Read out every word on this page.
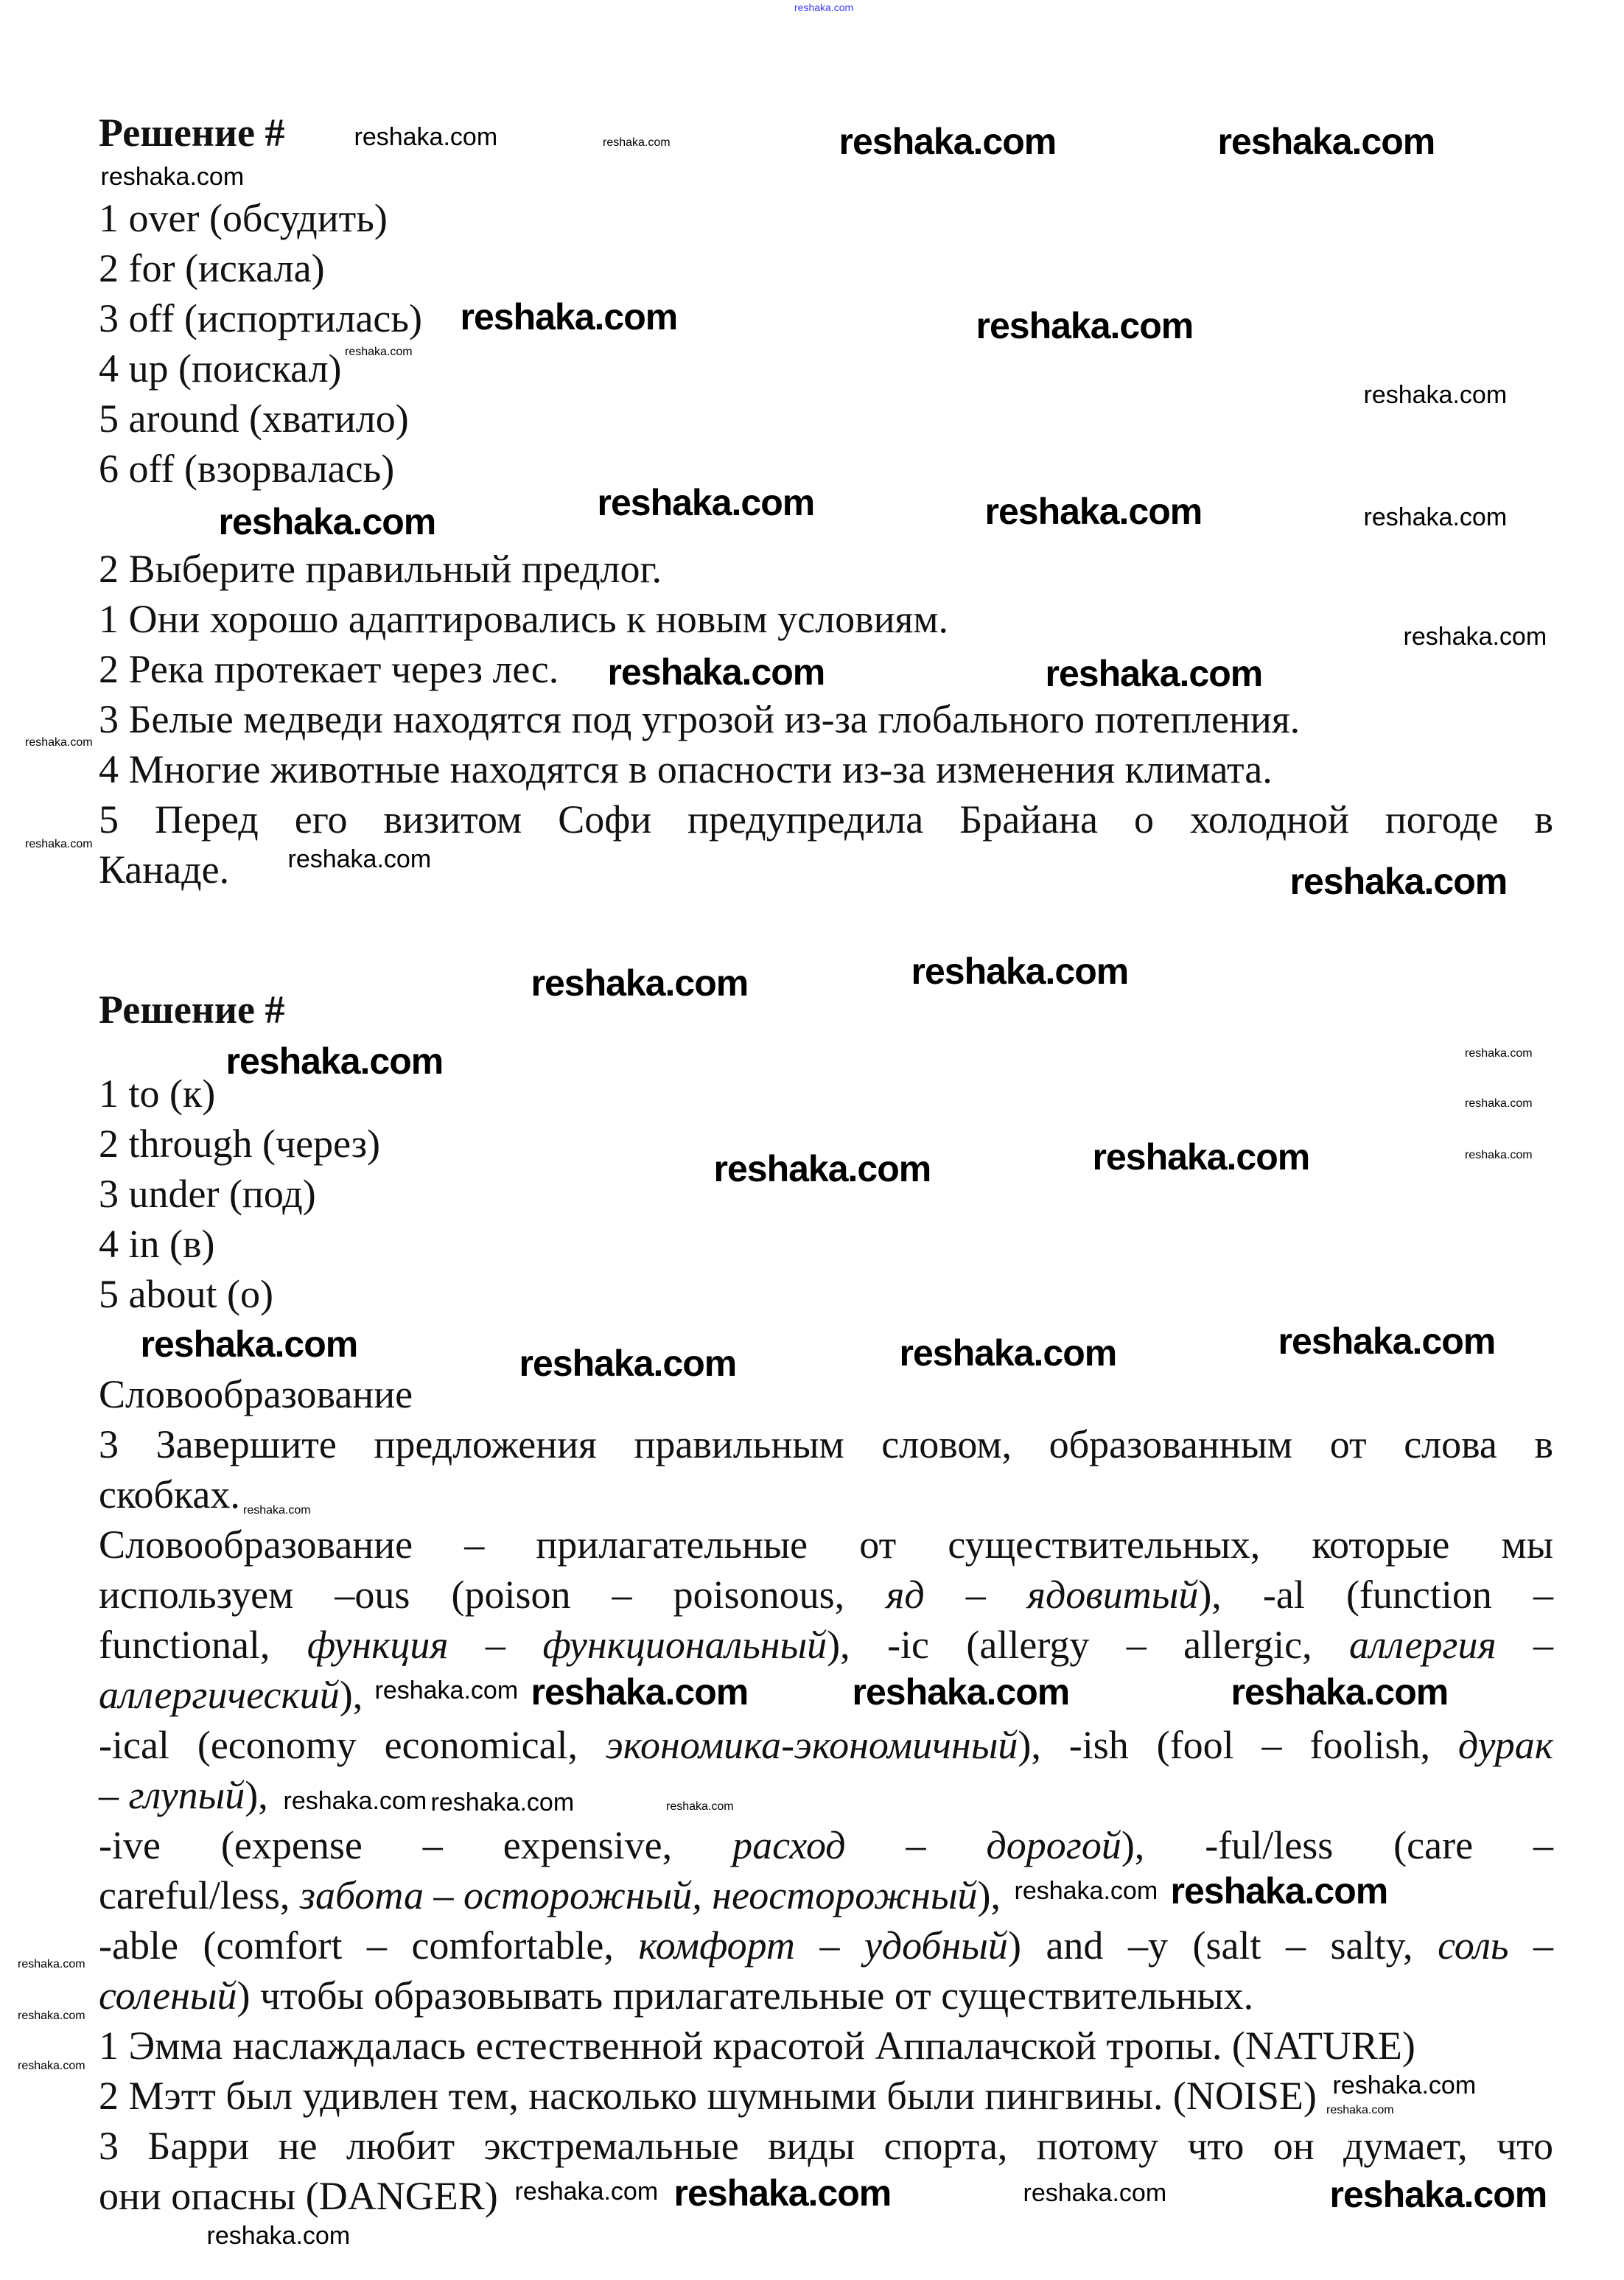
Решение #
1 over (обсудить)
2 for (искала)
3 off (испортилась)
4 up (поискал)
5 around (хватило)
6 off (взорвалась)
2 Выберите правильный предлог.
1 Они хорошо адаптировались к новым условиям.
2 Река протекает через лес.
3 Белые медведи находятся под угрозой из-за глобального потепления.
4 Многие животные находятся в опасности из-за изменения климата.
5 Перед его визитом Софи предупредила Брайана о холодной погоде в
Канаде.
Решение #
1 to (к)
2 through (через)
3 under (под)
4 in (в)
5 about (о)
Словообразование
3 Завершите предложения правильным словом, образованным от слова в
скобках.
1 Эмма наслаждалась естественной красотой Аппалачской тропы. (NATURE)
2 Мэтт был удивлен тем, насколько шумными были пингвины. (NOISE)
3 Барри не любит экстремальные виды спорта, потому что он думает, что
они опасны (DANGER)
Словообразование – прилагательные от существительных, которые мы
используем –ous (poison – poisonous, яд – ядовитый), -al (function –
functional, функция – функциональный), -ic (allergy – allergic, аллергия –
аллергический),
-ical (economy economical, экономика-экономичный), -ish (fool – foolish, дурак
– глупый),
-ive (expense – expensive, расход – дорогой), -ful/less (care –
careful/less, забота – осторожный, неосторожный),
-able (comfort – comfortable, комфорт – удобный) and –y (salt – salty, соль –
соленый) чтобы образовывать прилагательные от существительных.
reshaka.com
reshaka.com	reshaka.com	reshaka.com	reshaka.com
reshaka.com
reshaka.com	reshaka.com
reshaka.com
reshaka.com
reshaka.com	reshaka.com	reshaka.com
reshaka.com
reshaka.com
reshaka.com	reshaka.com
reshaka.com
reshaka.com
reshaka.com
reshaka.com
reshaka.com	reshaka.com
reshaka.com	reshaka.com
reshaka.com
reshaka.com
reshaka.com	reshaka.com
reshaka.com	reshaka.com	reshaka.com	reshaka.com
reshaka.com
reshaka.com reshaka.com	reshaka.com	reshaka.com
reshaka.com reshaka.com
reshaka.com reshaka.com
reshaka.com
reshaka.com
reshaka.com
reshaka.com
reshaka.com
reshaka.com
reshaka.com
reshaka.com
reshaka.com	reshaka.com	reshaka.com
